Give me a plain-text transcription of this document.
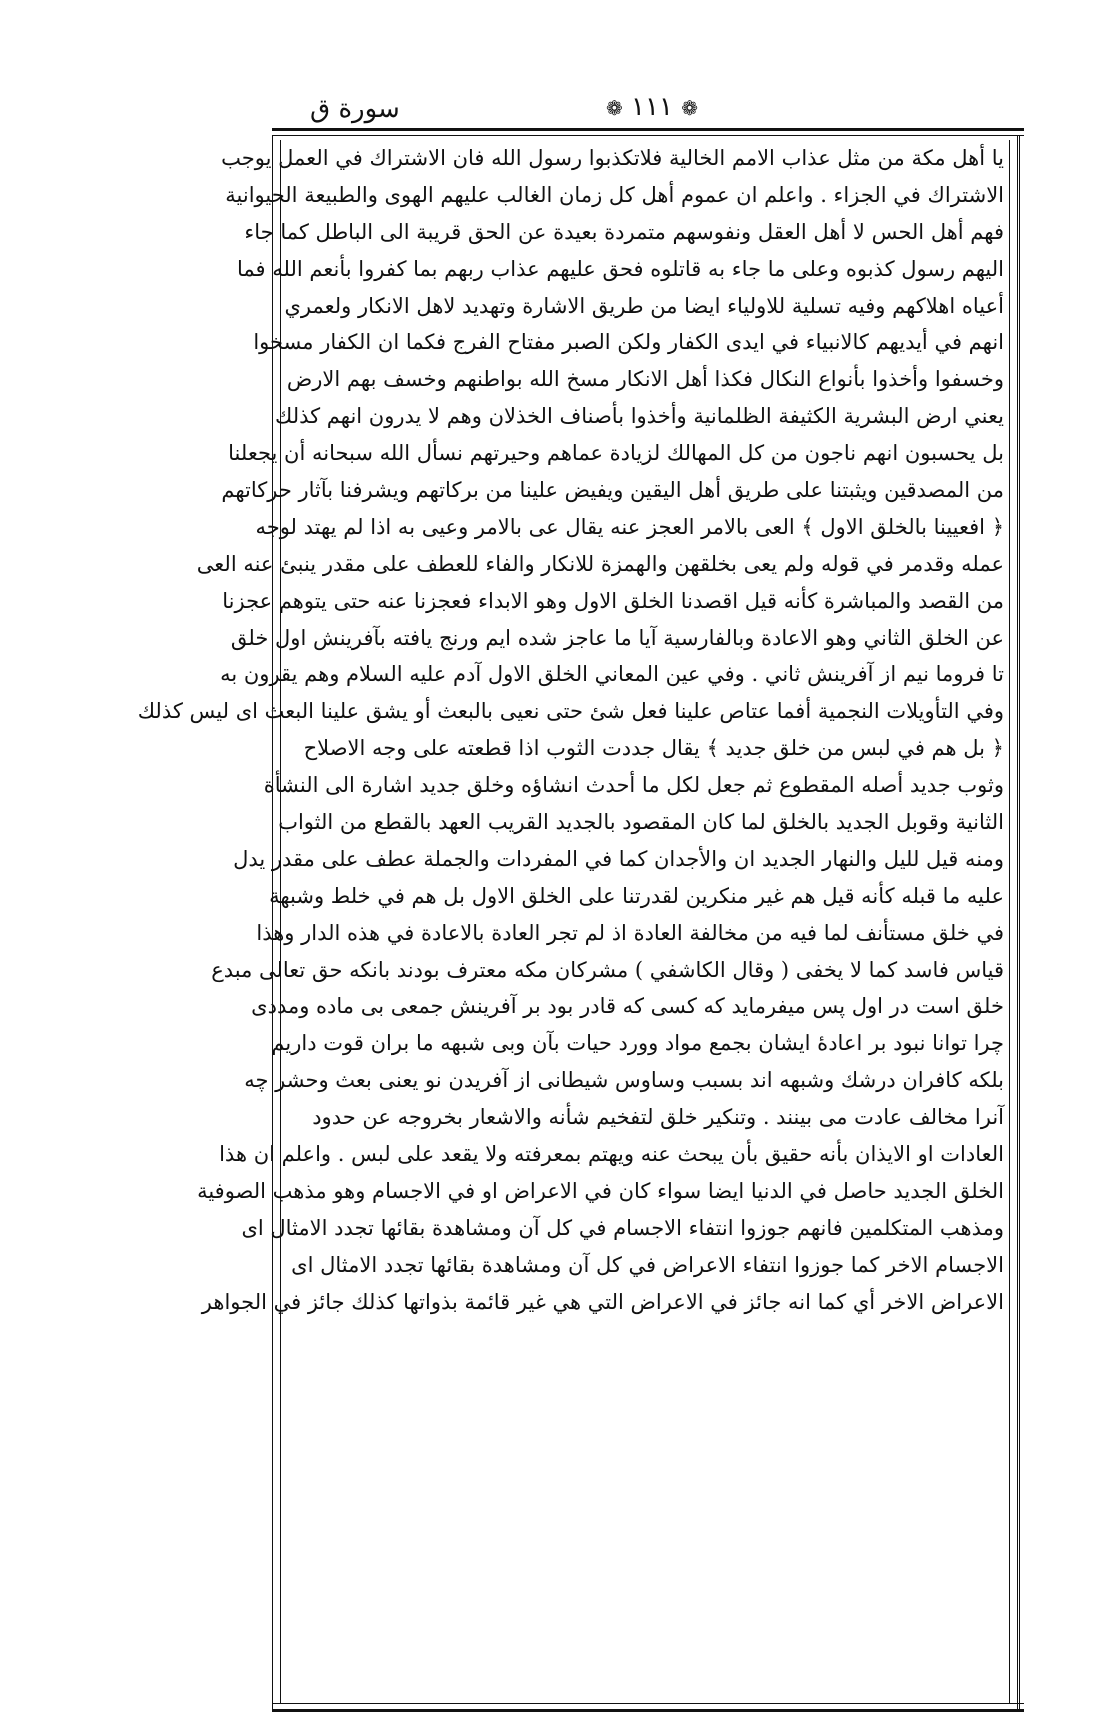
سورة ق	❁ ١١١ ❁
يا أهل مكة من مثل عذاب الامم الخالية فلاتكذبوا رسول الله فان الاشتراك في العمل يوجب
الاشتراك في الجزاء . واعلم ان عموم أهل كل زمان الغالب عليهم الهوى والطبيعة الحيوانية
فهم أهل الحس لا أهل العقل ونفوسهم متمردة بعيدة عن الحق قريبة الى الباطل كما جاء
اليهم رسول كذبوه وعلى ما جاء به قاتلوه فحق عليهم عذاب ربهم بما كفروا بأنعم الله فما
أعياه اهلاكهم وفيه تسلية للاولياء ايضا من طريق الاشارة وتهديد لاهل الانكار ولعمري
انهم في أيديهم كالانبياء في ايدى الكفار ولكن الصبر مفتاح الفرج فكما ان الكفار مسخوا
وخسفوا وأخذوا بأنواع النكال فكذا أهل الانكار مسخ الله بواطنهم وخسف بهم الارض
يعني ارض البشرية الكثيفة الظلمانية وأخذوا بأصناف الخذلان وهم لا يدرون انهم كذلك
بل يحسبون انهم ناجون من كل المهالك لزيادة عماهم وحيرتهم نسأل الله سبحانه أن يجعلنا
من المصدقين ويثبتنا على طريق أهل اليقين ويفيض علينا من بركاتهم ويشرفنا بآثار حركاتهم
﴿ افعيينا بالخلق الاول ﴾ العى بالامر العجز عنه يقال عى بالامر وعيى به اذا لم يهتد لوجه
عمله وقدمر في قوله ولم يعى بخلقهن والهمزة للانكار والفاء للعطف على مقدر ينبئ عنه العى
من القصد والمباشرة كأنه قيل اقصدنا الخلق الاول وهو الابداء فعجزنا عنه حتى يتوهم عجزنا
عن الخلق الثاني وهو الاعادة وبالفارسية آيا ما عاجز شده ايم ورنج يافته بآفرينش اول خلق
تا فروما نيم از آفرينش ثاني . وفي عين المعاني الخلق الاول آدم عليه السلام وهم يقرون به
وفي التأويلات النجمية أفما عتاص علينا فعل شئ حتى نعيى بالبعث أو يشق علينا البعث اى ليس كذلك
﴿ بل هم في لبس من خلق جديد ﴾ يقال جددت الثوب اذا قطعته على وجه الاصلاح
وثوب جديد أصله المقطوع ثم جعل لكل ما أحدث انشاؤه وخلق جديد اشارة الى النشأة
الثانية وقوبل الجديد بالخلق لما كان المقصود بالجديد القريب العهد بالقطع من الثواب
ومنه قيل لليل والنهار الجديد ان والأجدان كما في المفردات والجملة عطف على مقدر يدل
عليه ما قبله كأنه قيل هم غير منكرين لقدرتنا على الخلق الاول بل هم في خلط وشبهة
في خلق مستأنف لما فيه من مخالفة العادة اذ لم تجر العادة بالاعادة في هذه الدار وهذا
قياس فاسد كما لا يخفى ( وقال الكاشفي ) مشركان مكه معترف بودند بانكه حق تعالى مبدع
خلق است در اول پس ميفرمايد كه كسى كه قادر بود بر آفرينش جمعى بى ماده ومددى
چرا توانا نبود بر اعادهٔ ايشان بجمع مواد وورد حيات بآن وبى شبهه ما بران قوت داريم
بلكه كافران درشك وشبهه اند بسبب وساوس شيطانى از آفريدن نو يعنى بعث وحشر چه
آنرا مخالف عادت مى بينند . وتنكير خلق لتفخيم شأنه والاشعار بخروجه عن حدود
العادات او الايذان بأنه حقيق بأن يبحث عنه ويهتم بمعرفته ولا يقعد على لبس . واعلم ان هذا
الخلق الجديد حاصل في الدنيا ايضا سواء كان في الاعراض او في الاجسام وهو مذهب الصوفية
ومذهب المتكلمين فانهم جوزوا انتفاء الاجسام في كل آن ومشاهدة بقائها تجدد الامثال اى
الاجسام الاخر كما جوزوا انتفاء الاعراض في كل آن ومشاهدة بقائها تجدد الامثال اى
الاعراض الاخر أي كما انه جائز في الاعراض التي هي غير قائمة بذواتها كذلك جائز في الجواهر
